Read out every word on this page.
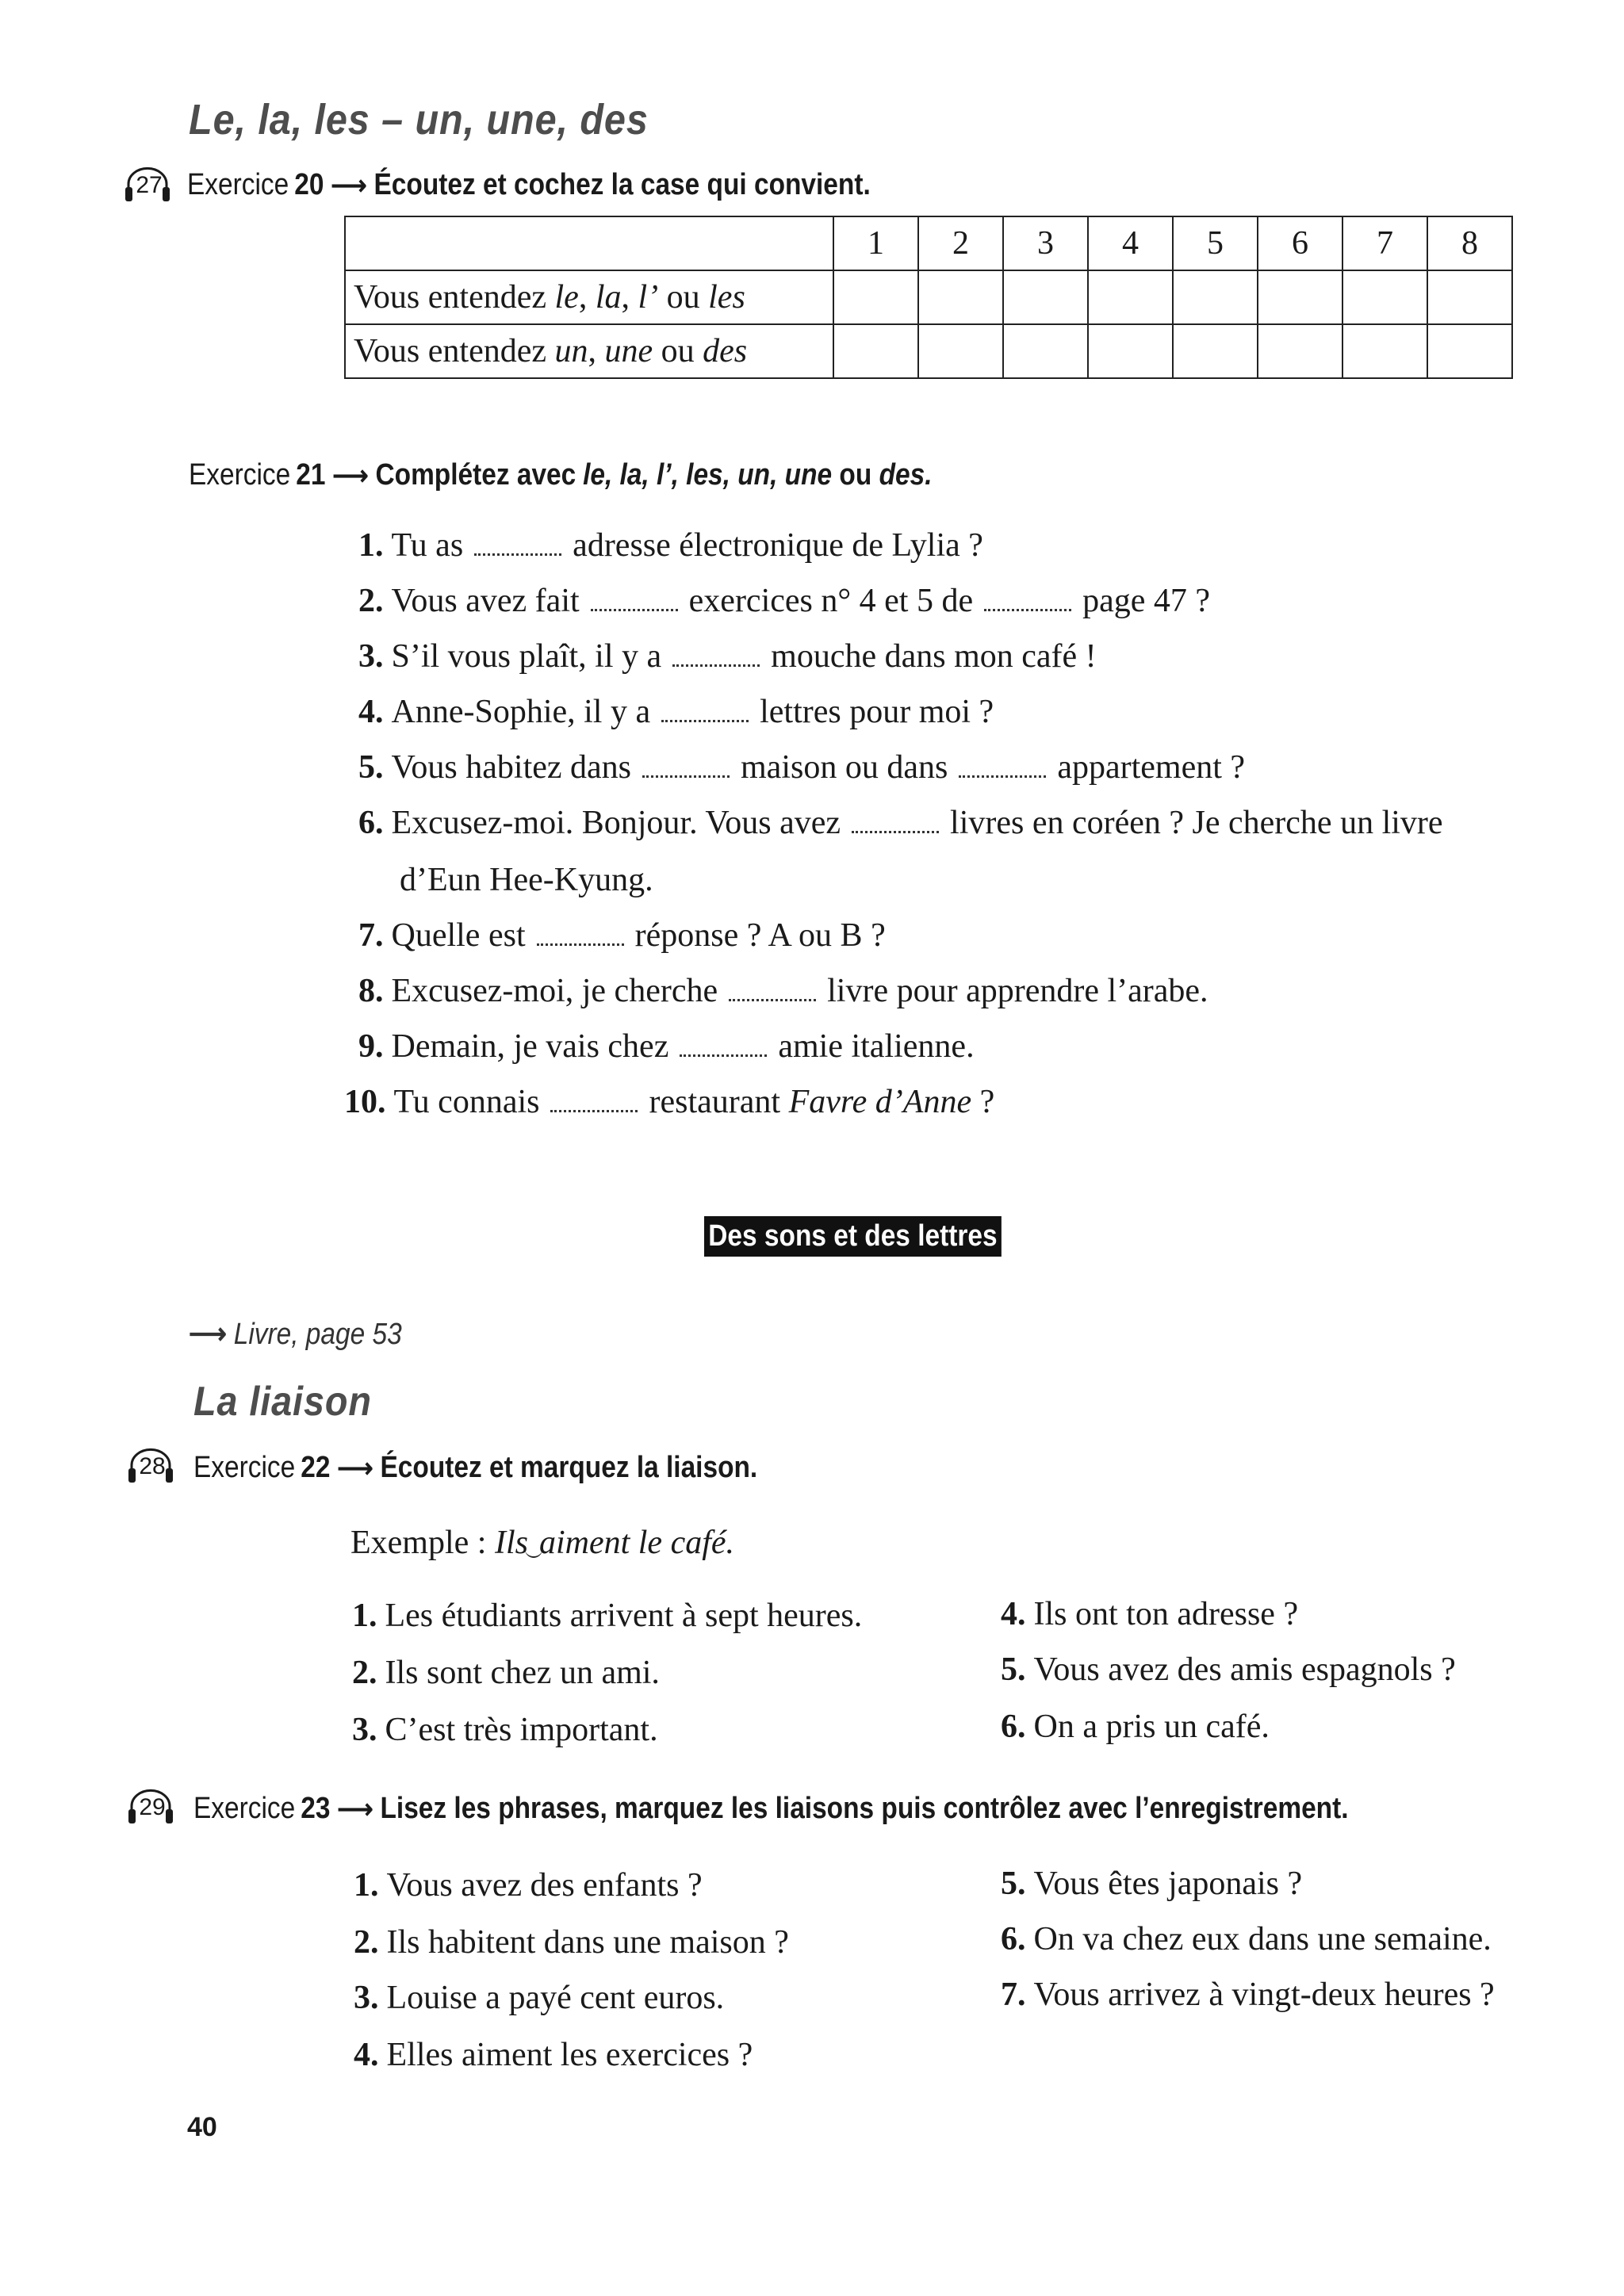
Le, la, les – un, une, des
27 Exercice 20 ⟶ Écoutez et cochez la case qui convient.
	1	2	3	4	5	6	7	8
Vous entendez le, la, l’ ou les								
Vous entendez un, une ou des								
Exercice 21 ⟶ Complétez avec le, la, l’, les, un, une ou des.
1. Tu as	adresse électronique de Lylia ?
2. Vous avez fait	exercices n° 4 et 5 de	page 47 ?
3. S’il vous plaît, il y a	mouche dans mon café !
4. Anne-Sophie, il y a	lettres pour moi ?
5. Vous habitez dans	maison ou dans	appartement ?
6. Excusez-moi. Bonjour. Vous avez	livres en coréen ? Je cherche un livre
d’Eun Hee-Kyung.
7. Quelle est	réponse ? A ou B ?
8. Excusez-moi, je cherche	livre pour apprendre l’arabe.
9. Demain, je vais chez	amie italienne.
10. Tu connais	restaurant Favre d’Anne ?
Des sons et des lettres
⟶ Livre, page 53
La liaison
28 Exercice 22 ⟶ Écoutez et marquez la liaison.
Exemple : Ils aiment le café.
1. Les étudiants arrivent à sept heures.
2. Ils sont chez un ami.
3. C’est très important.
4. Ils ont ton adresse ?
5. Vous avez des amis espagnols ?
6. On a pris un café.
29 Exercice 23 ⟶ Lisez les phrases, marquez les liaisons puis contrôlez avec l’enregistrement.
1. Vous avez des enfants ?
2. Ils habitent dans une maison ?
3. Louise a payé cent euros.
4. Elles aiment les exercices ?
5. Vous êtes japonais ?
6. On va chez eux dans une semaine.
7. Vous arrivez à vingt-deux heures ?
40
